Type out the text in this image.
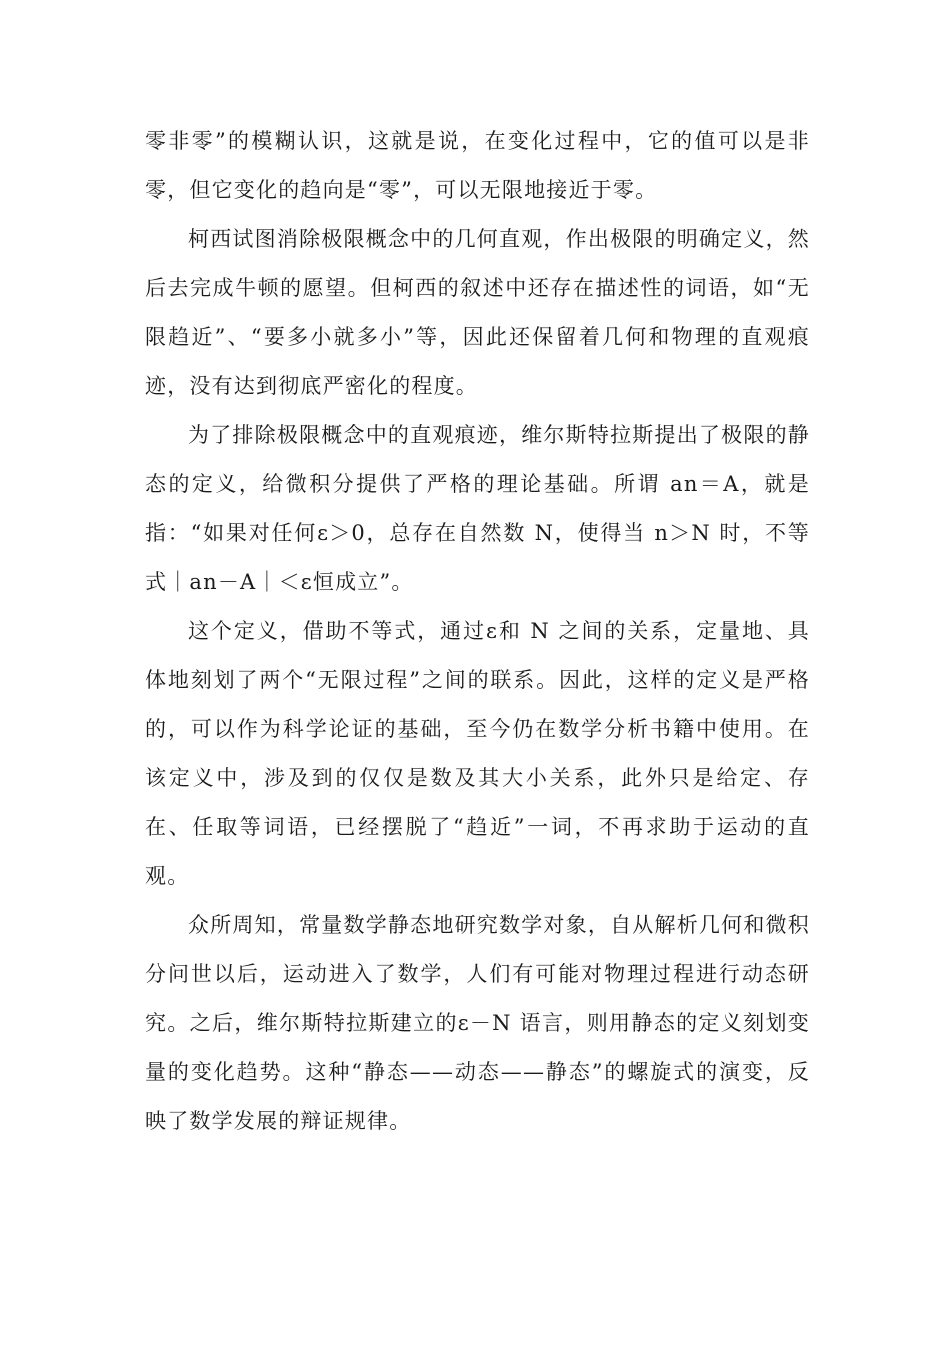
零非零”的模糊认识，这就是说，在变化过程中，它的值可以是非零，但它变化的趋向是“零”，可以无限地接近于零。

柯西试图消除极限概念中的几何直观，作出极限的明确定义，然后去完成牛顿的愿望。但柯西的叙述中还存在描述性的词语，如“无限趋近”、“要多小就多小”等，因此还保留着几何和物理的直观痕迹，没有达到彻底严密化的程度。

为了排除极限概念中的直观痕迹，维尔斯特拉斯提出了极限的静态的定义，给微积分提供了严格的理论基础。所谓 an＝A，就是指：“如果对任何ε＞0，总存在自然数 N，使得当 n＞N 时，不等式｜an－A｜＜ε恒成立”。

这个定义，借助不等式，通过ε和 N 之间的关系，定量地、具体地刻划了两个“无限过程”之间的联系。因此，这样的定义是严格的，可以作为科学论证的基础，至今仍在数学分析书籍中使用。在该定义中，涉及到的仅仅是数及其大小关系，此外只是给定、存在、任取等词语，已经摆脱了“趋近”一词，不再求助于运动的直观。

众所周知，常量数学静态地研究数学对象，自从解析几何和微积分问世以后，运动进入了数学，人们有可能对物理过程进行动态研究。之后，维尔斯特拉斯建立的ε－N 语言，则用静态的定义刻划变量的变化趋势。这种“静态——动态——静态”的螺旋式的演变，反映了数学发展的辩证规律。
